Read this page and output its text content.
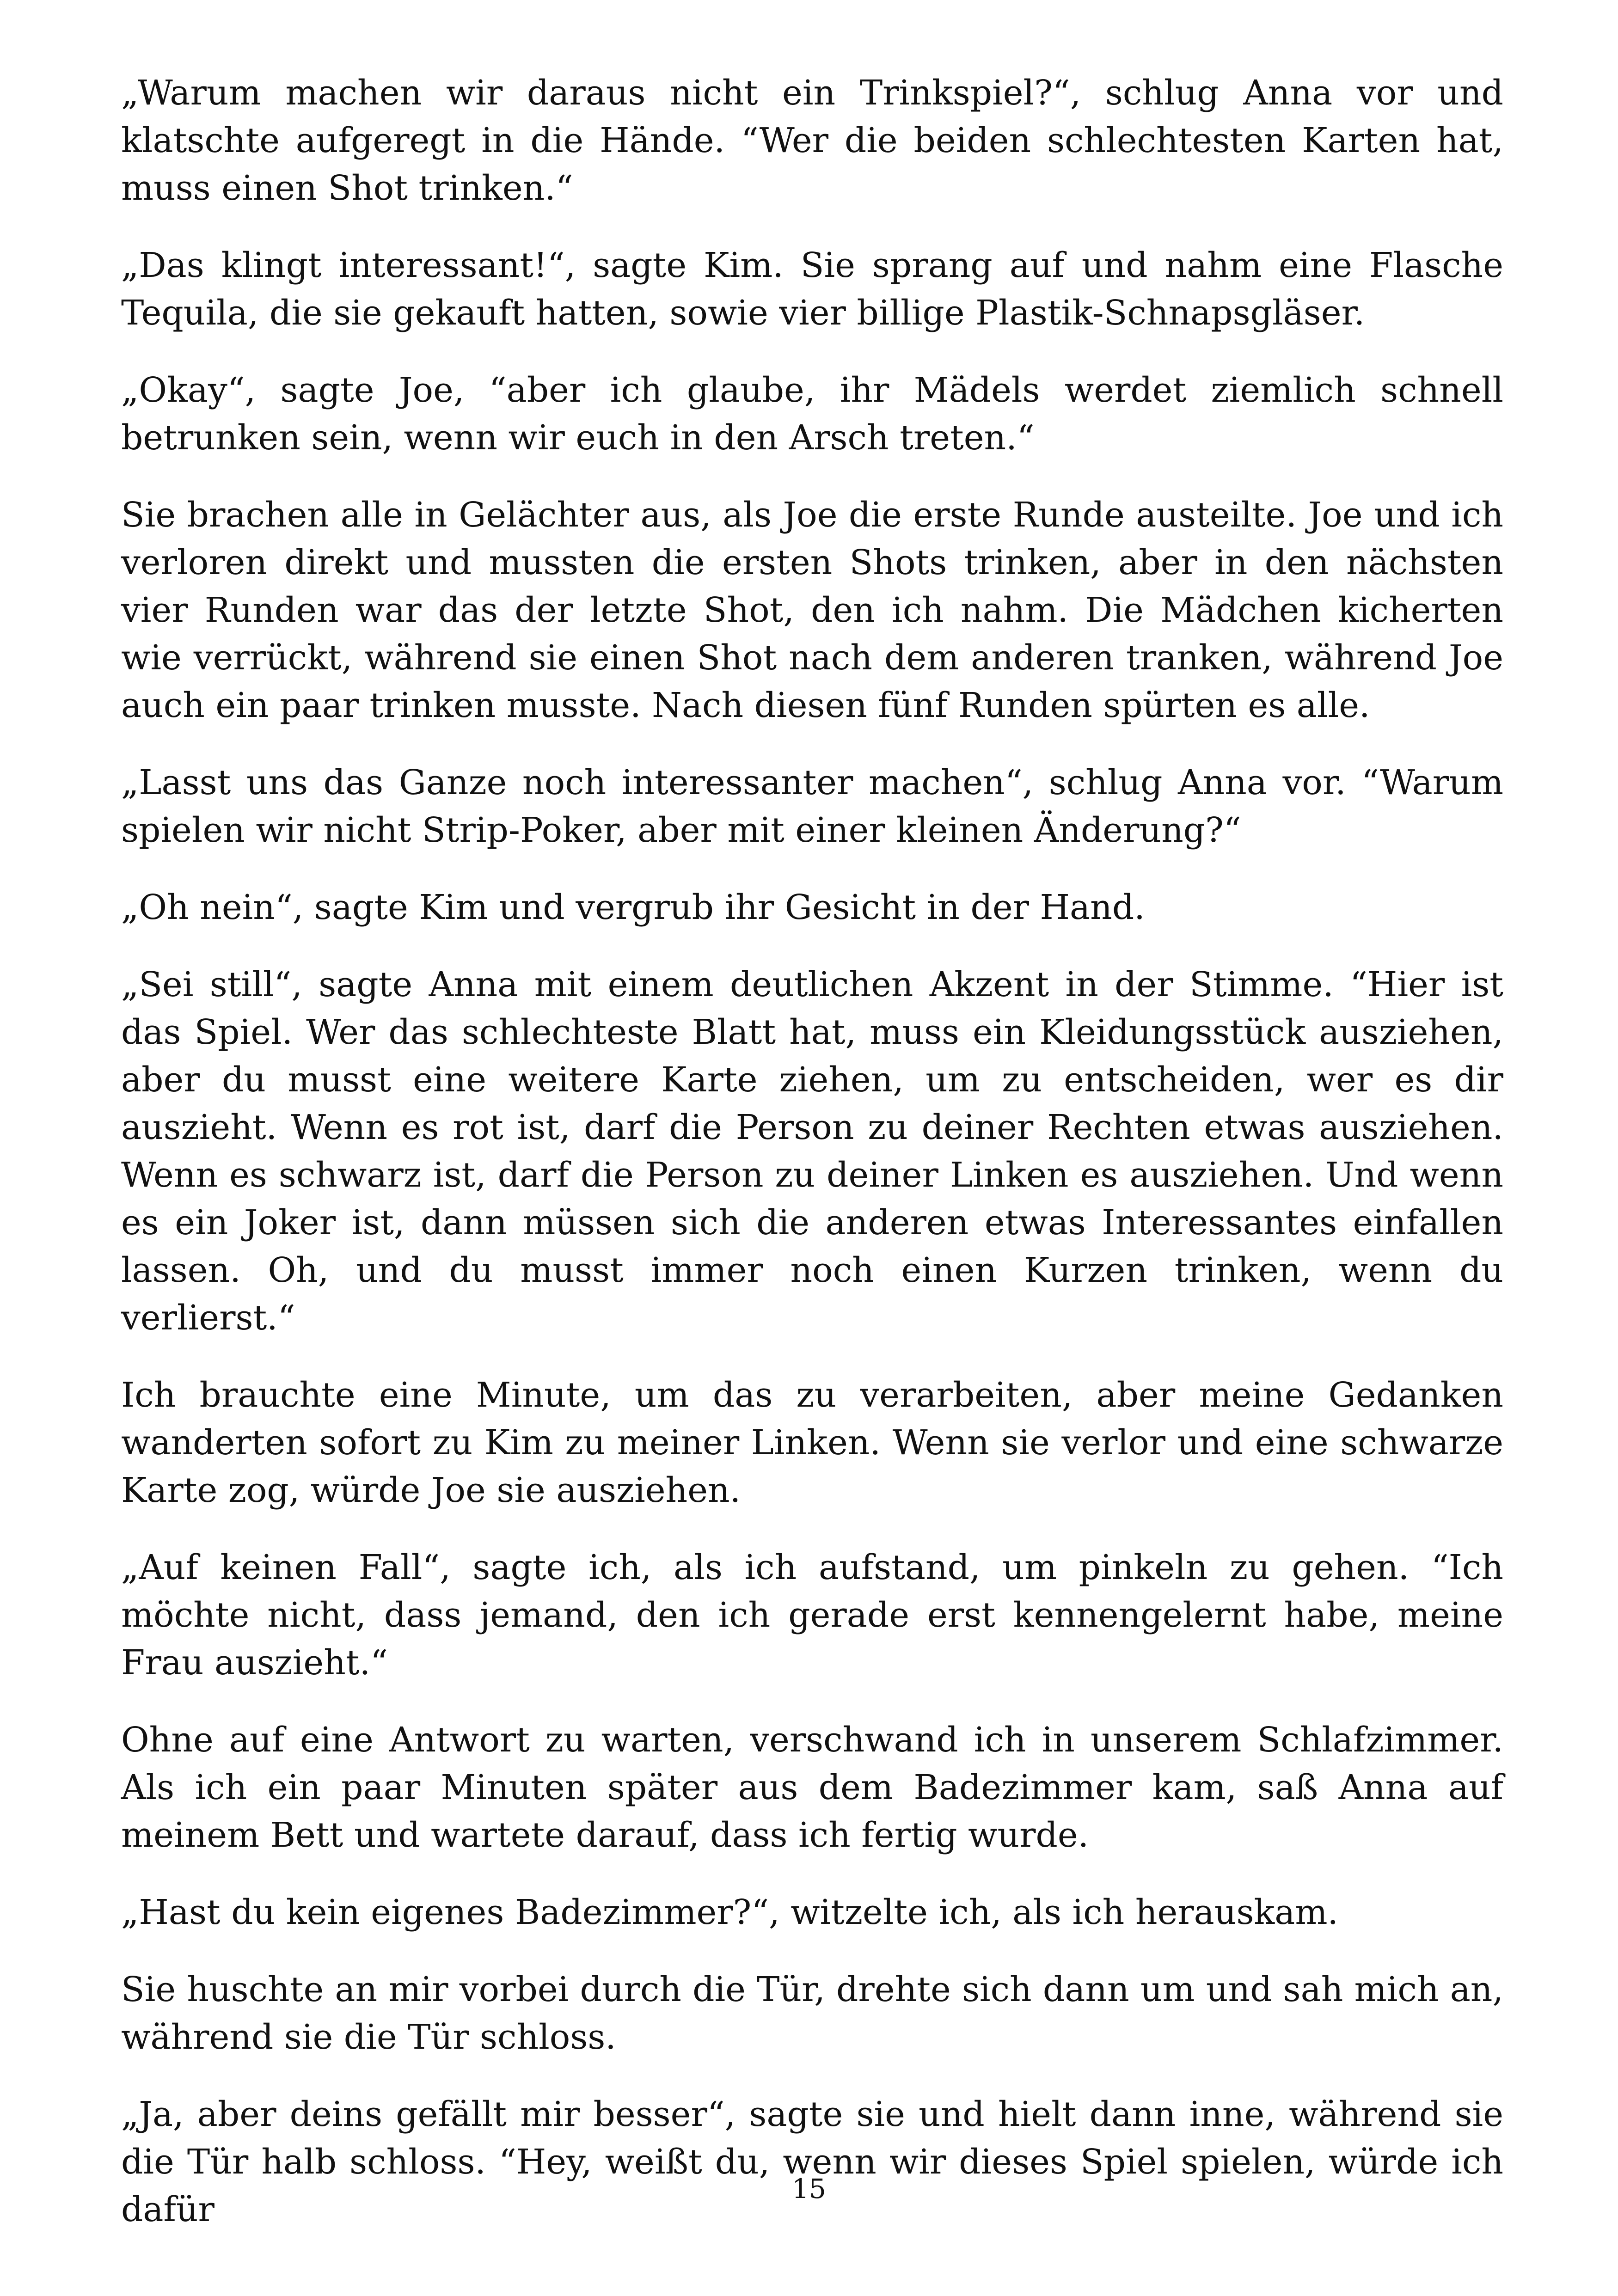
„Warum machen wir daraus nicht ein Trinkspiel?“, schlug Anna vor und klatschte aufgeregt in die Hände. “Wer die beiden schlechtesten Karten hat, muss einen Shot trinken.“

„Das klingt interessant!“, sagte Kim. Sie sprang auf und nahm eine Flasche Tequila, die sie gekauft hatten, sowie vier billige Plastik-Schnapsgläser.

„Okay“, sagte Joe, “aber ich glaube, ihr Mädels werdet ziemlich schnell betrunken sein, wenn wir euch in den Arsch treten.“

Sie brachen alle in Gelächter aus, als Joe die erste Runde austeilte. Joe und ich verloren direkt und mussten die ersten Shots trinken, aber in den nächsten vier Runden war das der letzte Shot, den ich nahm. Die Mädchen kicherten wie verrückt, während sie einen Shot nach dem anderen tranken, während Joe auch ein paar trinken musste. Nach diesen fünf Runden spürten es alle.

„Lasst uns das Ganze noch interessanter machen“, schlug Anna vor. “Warum spielen wir nicht Strip-Poker, aber mit einer kleinen Änderung?“

„Oh nein“, sagte Kim und vergrub ihr Gesicht in der Hand.

„Sei still“, sagte Anna mit einem deutlichen Akzent in der Stimme. “Hier ist das Spiel. Wer das schlechteste Blatt hat, muss ein Kleidungsstück ausziehen, aber du musst eine weitere Karte ziehen, um zu entscheiden, wer es dir auszieht. Wenn es rot ist, darf die Person zu deiner Rechten etwas ausziehen. Wenn es schwarz ist, darf die Person zu deiner Linken es ausziehen. Und wenn es ein Joker ist, dann müssen sich die anderen etwas Interessantes einfallen lassen. Oh, und du musst immer noch einen Kurzen trinken, wenn du verlierst.“

Ich brauchte eine Minute, um das zu verarbeiten, aber meine Gedanken wanderten sofort zu Kim zu meiner Linken. Wenn sie verlor und eine schwarze Karte zog, würde Joe sie ausziehen.

„Auf keinen Fall“, sagte ich, als ich aufstand, um pinkeln zu gehen. “Ich möchte nicht, dass jemand, den ich gerade erst kennengelernt habe, meine Frau auszieht.“

Ohne auf eine Antwort zu warten, verschwand ich in unserem Schlafzimmer. Als ich ein paar Minuten später aus dem Badezimmer kam, saß Anna auf meinem Bett und wartete darauf, dass ich fertig wurde.

„Hast du kein eigenes Badezimmer?“, witzelte ich, als ich herauskam.

Sie huschte an mir vorbei durch die Tür, drehte sich dann um und sah mich an, während sie die Tür schloss.

„Ja, aber deins gefällt mir besser“, sagte sie und hielt dann inne, während sie die Tür halb schloss. “Hey, weißt du, wenn wir dieses Spiel spielen, würde ich dafür

15
